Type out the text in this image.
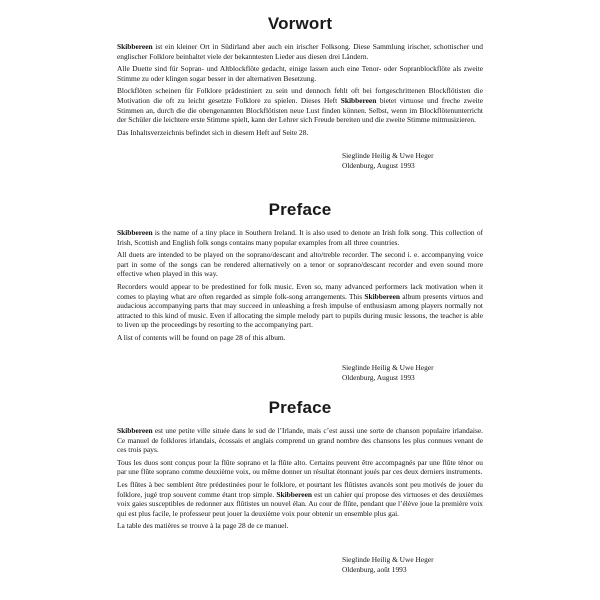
Vorwort

Skibbereen ist ein kleiner Ort in Südirland aber auch ein irischer Folksong. Diese Sammlung irischer, schottischer und englischer Folklore beinhaltet viele der bekanntesten Lieder aus diesen drei Ländern.

Alle Duette sind für Sopran- und Altblockflöte gedacht, einige lassen auch eine Tenor- oder Sopranblockflöte als zweite Stimme zu oder klingen sogar besser in der alternativen Besetzung.

Blockflöten scheinen für Folklore prädestiniert zu sein und dennoch fehlt oft bei fortgeschrittenen Blockflötisten die Motivation die oft zu leicht gesetzte Folklore zu spielen. Dieses Heft Skibbereen bietet virtuose und freche zweite Stimmen an, durch die die obengenannten Blockflötisten neue Lust finden können. Selbst, wenn im Blockflötenunterricht der Schüler die leichtere erste Stimme spielt, kann der Lehrer sich Freude bereiten und die zweite Stimme mitmusizieren.

Das Inhaltsverzeichnis befindet sich in diesem Heft auf Seite 28.

Sieglinde Heilig & Uwe Heger
Oldenburg, August 1993
Preface

Skibbereen is the name of a tiny place in Southern Ireland. It is also used to denote an Irish folk song. This collection of Irish, Scottish and English folk songs contains many popular examples from all three countries.

All duets are intended to be played on the soprano/descant and alto/treble recorder. The second i. e. accompanying voice part in some of the songs can be rendered alternatively on a tenor or soprano/descant recorder and even sound more effective when played in this way.

Recorders would appear to be predestined for folk music. Even so, many advanced performers lack motivation when it comes to playing what are often regarded as simple folk-song arrangements. This Skibbereen album presents virtuos and audacious accompanying parts that may succeed in unleashing a fresh impulse of enthusiasm among players normally not attracted to this kind of music. Even if allocating the simple melody part to pupils during music lessons, the teacher is able to liven up the proceedings by resorting to the accompanying part.

A list of contents will be found on page 28 of this album.

Sieglinde Heilig & Uwe Heger
Oldenburg, August 1993
Preface

Skibbereen est une petite ville située dans le sud de l’Irlande, mais c’est aussi une sorte de chanson populaire irlandaise. Ce manuel de folklores irlandais, écossais et anglais comprend un grand nombre des chansons les plus connues venant de ces trois pays.

Tous les duos sont conçus pour la flûte soprano et la flûte alto. Certains peuvent être accompagnés par une flûte ténor ou par une flûte soprano comme deuxième voix, ou même donner un résultat étonnant joués par ces deux derniers instruments.

Les flûtes à bec semblent être prédestinées pour le folklore, et pourtant les flûtistes avancés sont peu motivés de jouer du folklore, jugé trop souvent comme étant trop simple. Skibbereen est un cahier qui propose des virtuoses et des deuxièmes voix gaies susceptibles de redonner aux flûtistes un nouvel élan. Au cour de flûte, pendant que l’élève joue la première voix qui est plus facile, le professeur peut jouer la deuxième voix pour obtenir un ensemble plus gai.

La table des matières se trouve à la page 28 de ce manuel.

Sieglinde Heilig & Uwe Heger
Oldenburg, août 1993
